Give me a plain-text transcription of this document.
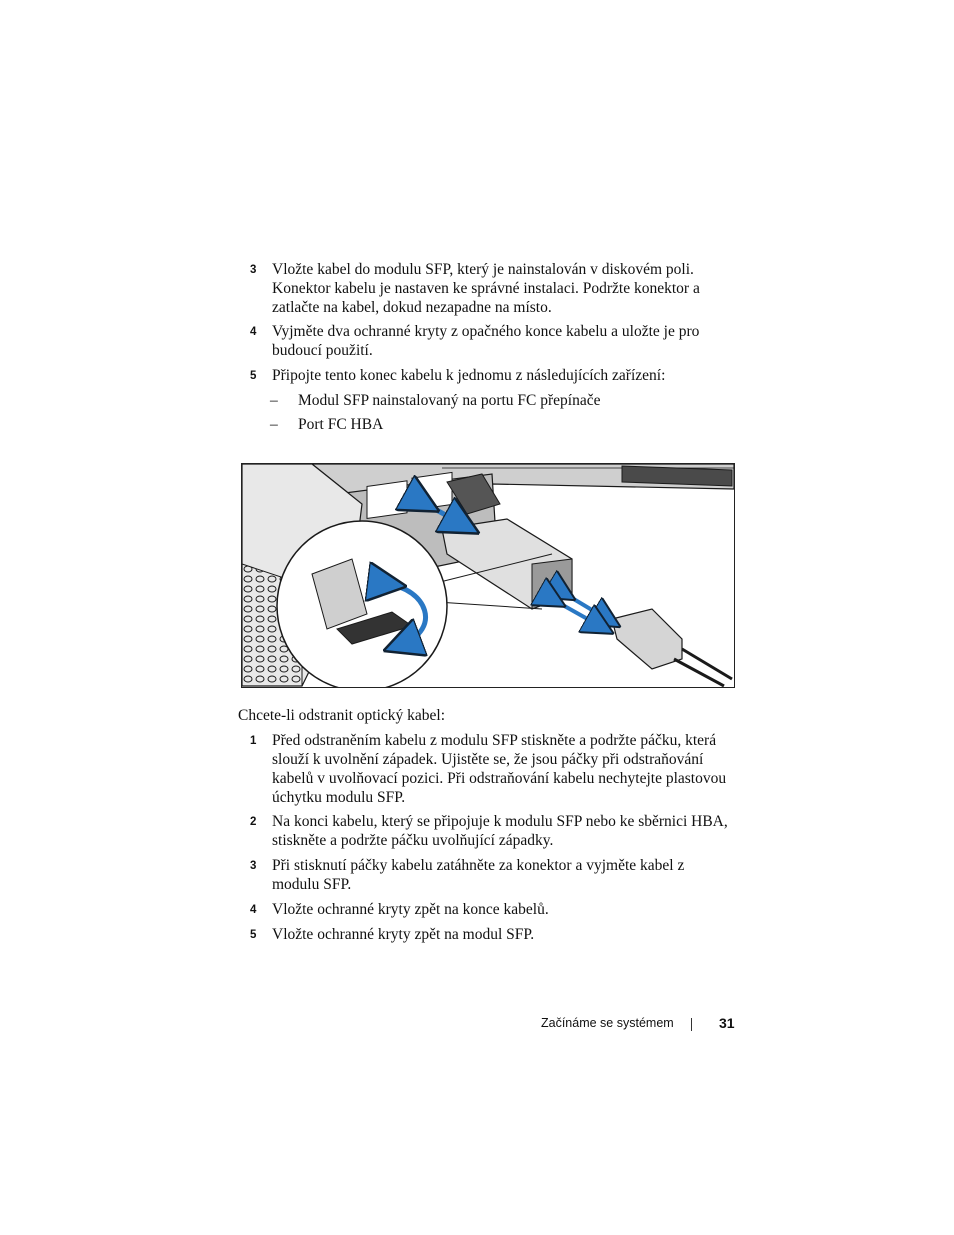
3 Vložte kabel do modulu SFP, který je nainstalován v diskovém poli. Konektor kabelu je nastaven ke správné instalaci. Podržte konektor a zatlačte na kabel, dokud nezapadne na místo.
4 Vyjměte dva ochranné kryty z opačného konce kabelu a uložte je pro budoucí použití.
5 Připojte tento konec kabelu k jednomu z následujících zařízení:
– Modul SFP nainstalovaný na portu FC přepínače
– Port FC HBA
Chcete-li odstranit optický kabel:
1 Před odstraněním kabelu z modulu SFP stiskněte a podržte páčku, která slouží k uvolnění západek. Ujistěte se, že jsou páčky při odstraňování kabelů v uvolňovací pozici. Při odstraňování kabelu nechytejte plastovou úchytku modulu SFP.
2 Na konci kabelu, který se připojuje k modulu SFP nebo ke sběrnici HBA, stiskněte a podržte páčku uvolňující západky.
3 Při stisknutí páčky kabelu zatáhněte za konektor a vyjměte kabel z modulu SFP.
4 Vložte ochranné kryty zpět na konce kabelů.
5 Vložte ochranné kryty zpět na modul SFP.
Začínáme se systémem	31
